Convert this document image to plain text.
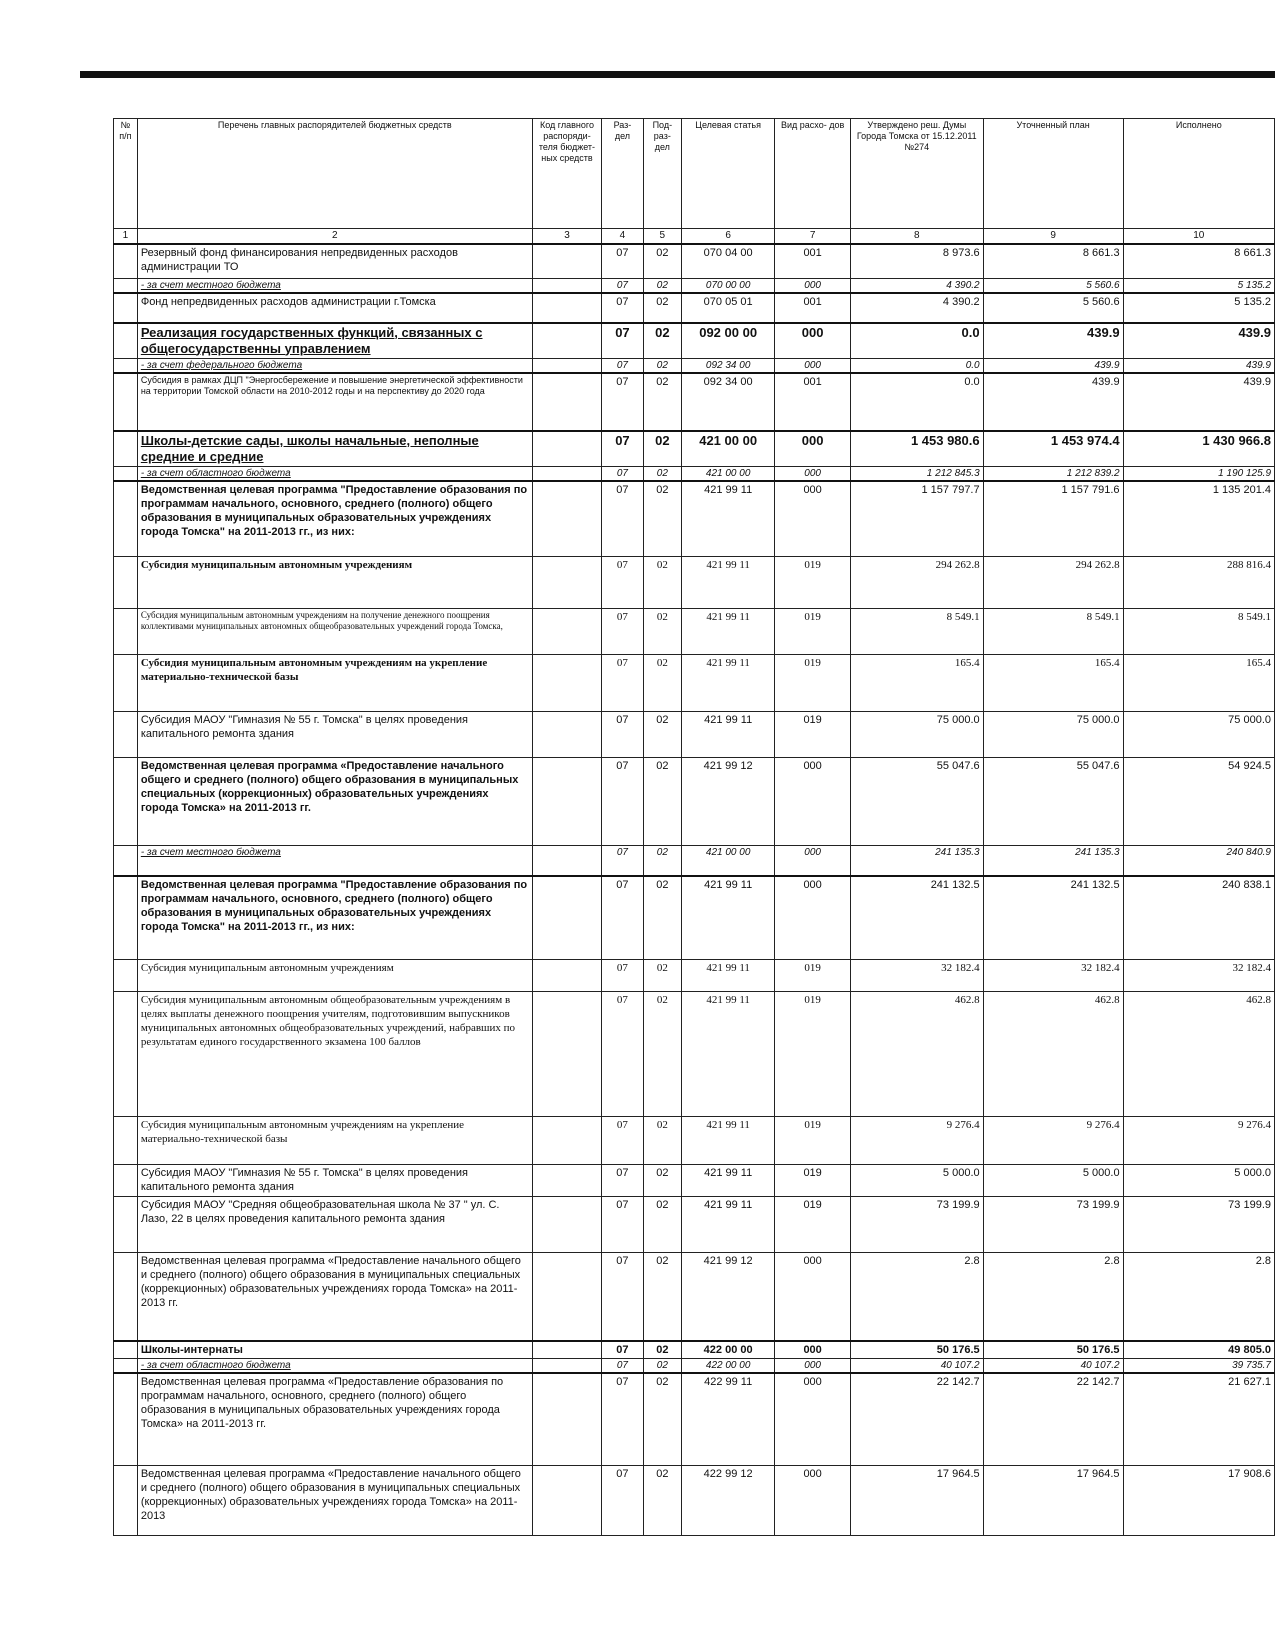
№ п/п	Перечень главных распорядителей бюджетных средств	Код главного распоряди- теля бюджет- ных средств	Раз- дел	Под- раз- дел	Целевая статья	Вид расхо- дов	Утверждено реш. Думы Города Томска от 15.12.2011 №274	Уточненный план	Исполнено
1	2	3	4	5	6	7	8	9	10
	Резервный фонд финансирования непредвиденных расходов администрации ТО		07	02	070 04 00	001	8 973.6	8 661.3	8 661.3
	- за счет местного бюджета		07	02	070 00 00	000	4 390.2	5 560.6	5 135.2
	Фонд непредвиденных расходов администрации г.Томска		07	02	070 05 01	001	4 390.2	5 560.6	5 135.2
	Реализация государственных функций, связанных с общегосударственны управлением		07	02	092 00 00	000	0.0	439.9	439.9
	- за счет федерального бюджета		07	02	092 34 00	000	0.0	439.9	439.9
	Субсидия в рамках ДЦП "Энергосбережение и повышение энергетической эффективности на территории Томской области на 2010-2012 годы и на перспективу до 2020 года		07	02	092 34 00	001	0.0	439.9	439.9
	Школы-детские сады, школы начальные, неполные средние и средние		07	02	421 00 00	000	1 453 980.6	1 453 974.4	1 430 966.8
	- за счет областного бюджета		07	02	421 00 00	000	1 212 845.3	1 212 839.2	1 190 125.9
	Ведомственная целевая программа "Предоставление образования по программам начального, основного, среднего (полного) общего образования в муниципальных образовательных учреждениях города Томска" на 2011-2013 гг., из них:		07	02	421 99 11	000	1 157 797.7	1 157 791.6	1 135 201.4
	Субсидия муниципальным автономным учреждениям		07	02	421 99 11	019	294 262.8	294 262.8	288 816.4
	Субсидия муниципальным автономным учреждениям на получение денежного поощрения коллективами муниципальных автономных общеобразовательных учреждений города Томска,		07	02	421 99 11	019	8 549.1	8 549.1	8 549.1
	Субсидия муниципальным автономным учреждениям на укрепление материально-технической базы		07	02	421 99 11	019	165.4	165.4	165.4
	Субсидия МАОУ "Гимназия № 55 г. Томска" в целях проведения капитального ремонта здания		07	02	421 99 11	019	75 000.0	75 000.0	75 000.0
	Ведомственная целевая программа «Предоставление начального общего и среднего (полного) общего образования в муниципальных специальных (коррекционных) образовательных учреждениях города Томска» на 2011-2013 гг.		07	02	421 99 12	000	55 047.6	55 047.6	54 924.5
	- за счет местного бюджета		07	02	421 00 00	000	241 135.3	241 135.3	240 840.9
	Ведомственная целевая программа "Предоставление образования по программам начального, основного, среднего (полного) общего образования в муниципальных образовательных учреждениях города Томска" на 2011-2013 гг., из них:		07	02	421 99 11	000	241 132.5	241 132.5	240 838.1
	Субсидия муниципальным автономным учреждениям		07	02	421 99 11	019	32 182.4	32 182.4	32 182.4
	Субсидия муниципальным автономным общеобразовательным учреждениям в целях выплаты денежного поощрения учителям, подготовившим выпускников муниципальных автономных общеобразовательных учреждений, набравших по результатам единого государственного экзамена 100 баллов		07	02	421 99 11	019	462.8	462.8	462.8
	Субсидия муниципальным автономным учреждениям на укрепление материально-технической базы		07	02	421 99 11	019	9 276.4	9 276.4	9 276.4
	Субсидия МАОУ "Гимназия № 55 г. Томска" в целях проведения капитального ремонта здания		07	02	421 99 11	019	5 000.0	5 000.0	5 000.0
	Субсидия МАОУ "Средняя общеобразовательная школа № 37 " ул. С. Лазо, 22 в целях проведения капитального ремонта здания		07	02	421 99 11	019	73 199.9	73 199.9	73 199.9
	Ведомственная целевая программа «Предоставление начального общего и среднего (полного) общего образования в муниципальных специальных (коррекционных) образовательных учреждениях города Томска» на 2011-2013 гг.		07	02	421 99 12	000	2.8	2.8	2.8
	Школы-интернаты		07	02	422 00 00	000	50 176.5	50 176.5	49 805.0
	- за счет областного бюджета		07	02	422 00 00	000	40 107.2	40 107.2	39 735.7
	Ведомственная целевая программа «Предоставление образования по программам начального, основного, среднего (полного) общего образования в муниципальных образовательных учреждениях города Томска» на 2011-2013 гг.		07	02	422 99 11	000	22 142.7	22 142.7	21 627.1
	Ведомственная целевая программа «Предоставление начального общего и среднего (полного) общего образования в муниципальных специальных (коррекционных) образовательных учреждениях города Томска» на 2011-2013		07	02	422 99 12	000	17 964.5	17 964.5	17 908.6
